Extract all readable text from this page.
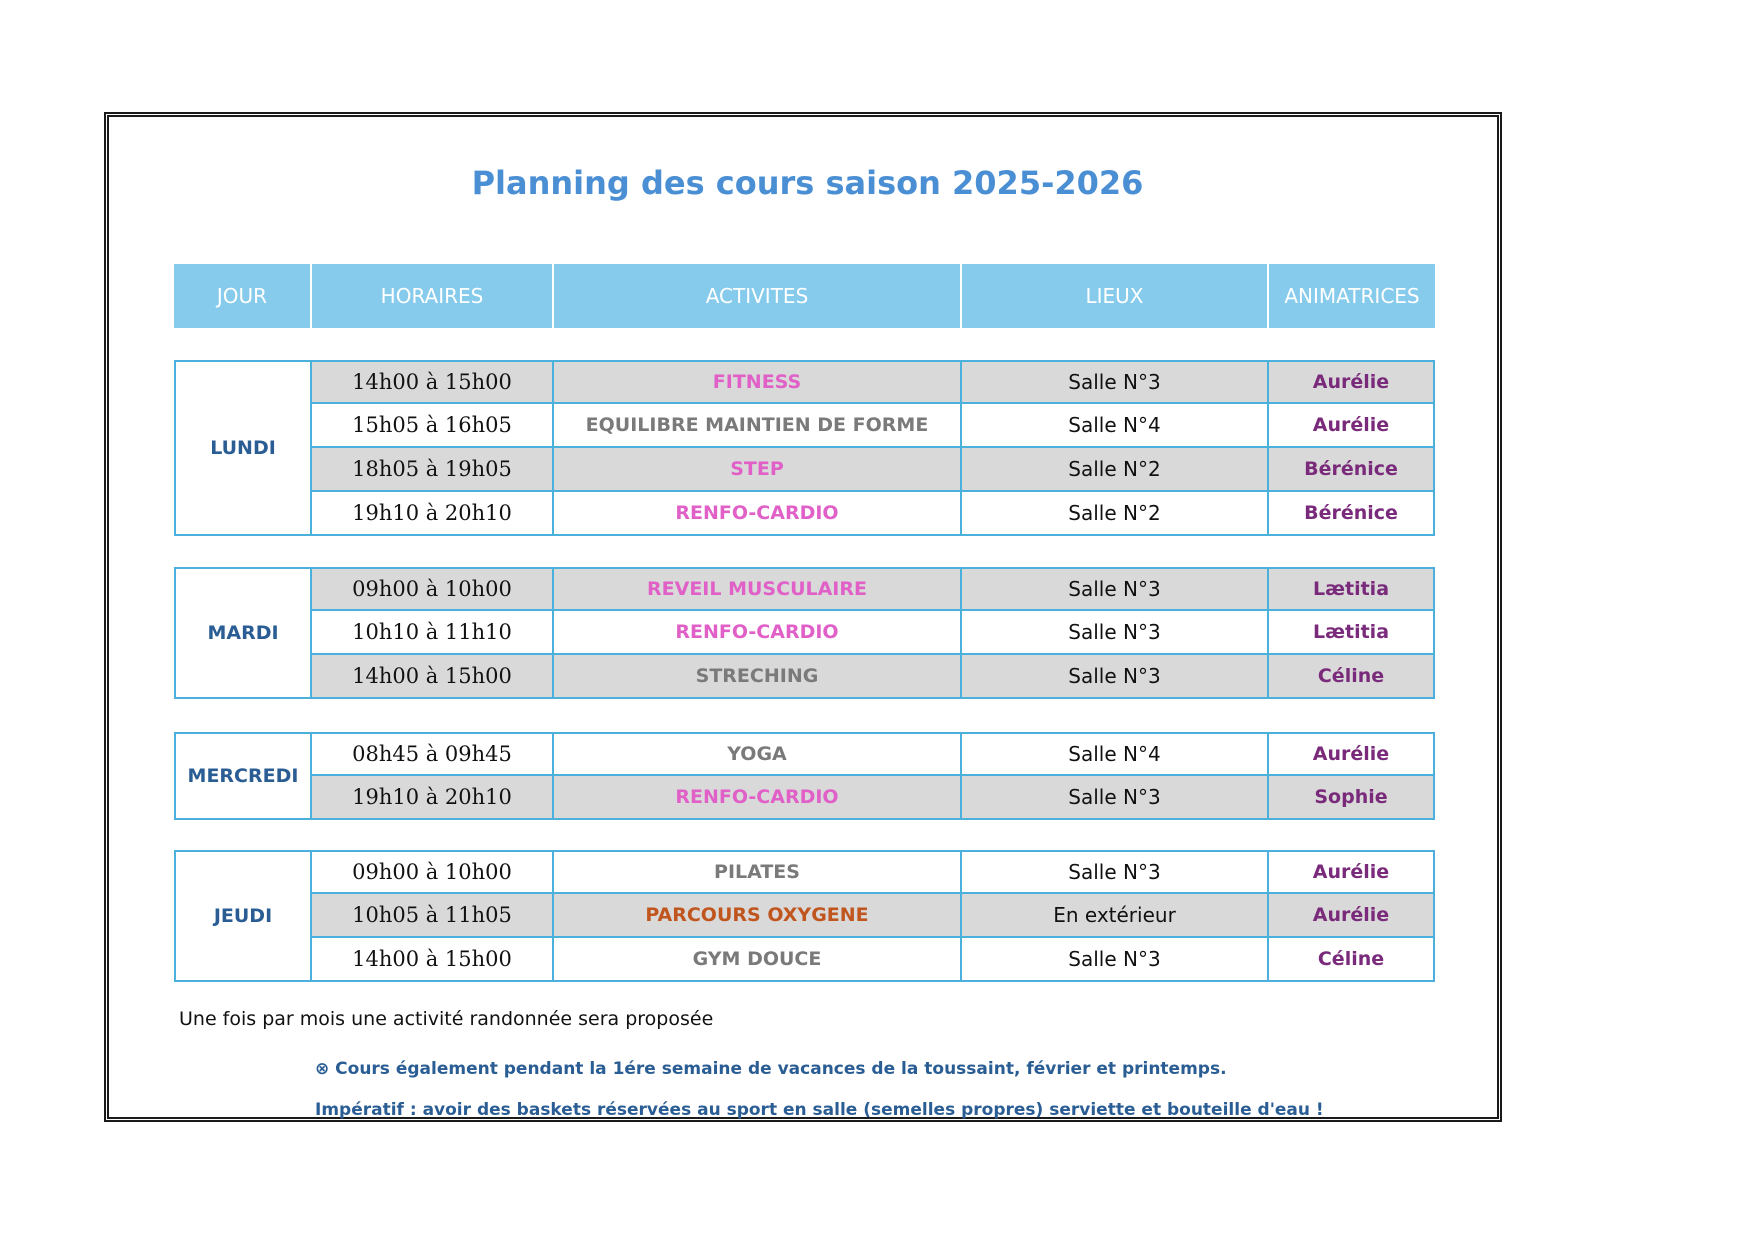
Planning des cours saison 2025-2026
JOUR	HORAIRES	ACTIVITES	LIEUX	ANIMATRICES
LUNDI
14h00 à 15h00	FITNESS	Salle N°3	Aurélie
15h05 à 16h05	EQUILIBRE MAINTIEN DE FORME	Salle N°4	Aurélie
18h05 à 19h05	STEP	Salle N°2	Bérénice
19h10 à 20h10	RENFO-CARDIO	Salle N°2	Bérénice
MARDI
09h00 à 10h00	REVEIL MUSCULAIRE	Salle N°3	Lætitia
10h10 à 11h10	RENFO-CARDIO	Salle N°3	Lætitia
14h00 à 15h00	STRECHING	Salle N°3	Céline
MERCREDI
08h45 à 09h45	YOGA	Salle N°4	Aurélie
19h10 à 20h10	RENFO-CARDIO	Salle N°3	Sophie
JEUDI
09h00 à 10h00	PILATES	Salle N°3	Aurélie
10h05 à 11h05	PARCOURS OXYGENE	En extérieur	Aurélie
14h00 à 15h00	GYM DOUCE	Salle N°3	Céline
Une fois par mois une activité randonnée sera proposée
⊗ Cours également pendant la 1ére semaine de vacances de la toussaint, février et printemps.
Impératif : avoir des baskets réservées au sport en salle (semelles propres) serviette et bouteille d'eau !
